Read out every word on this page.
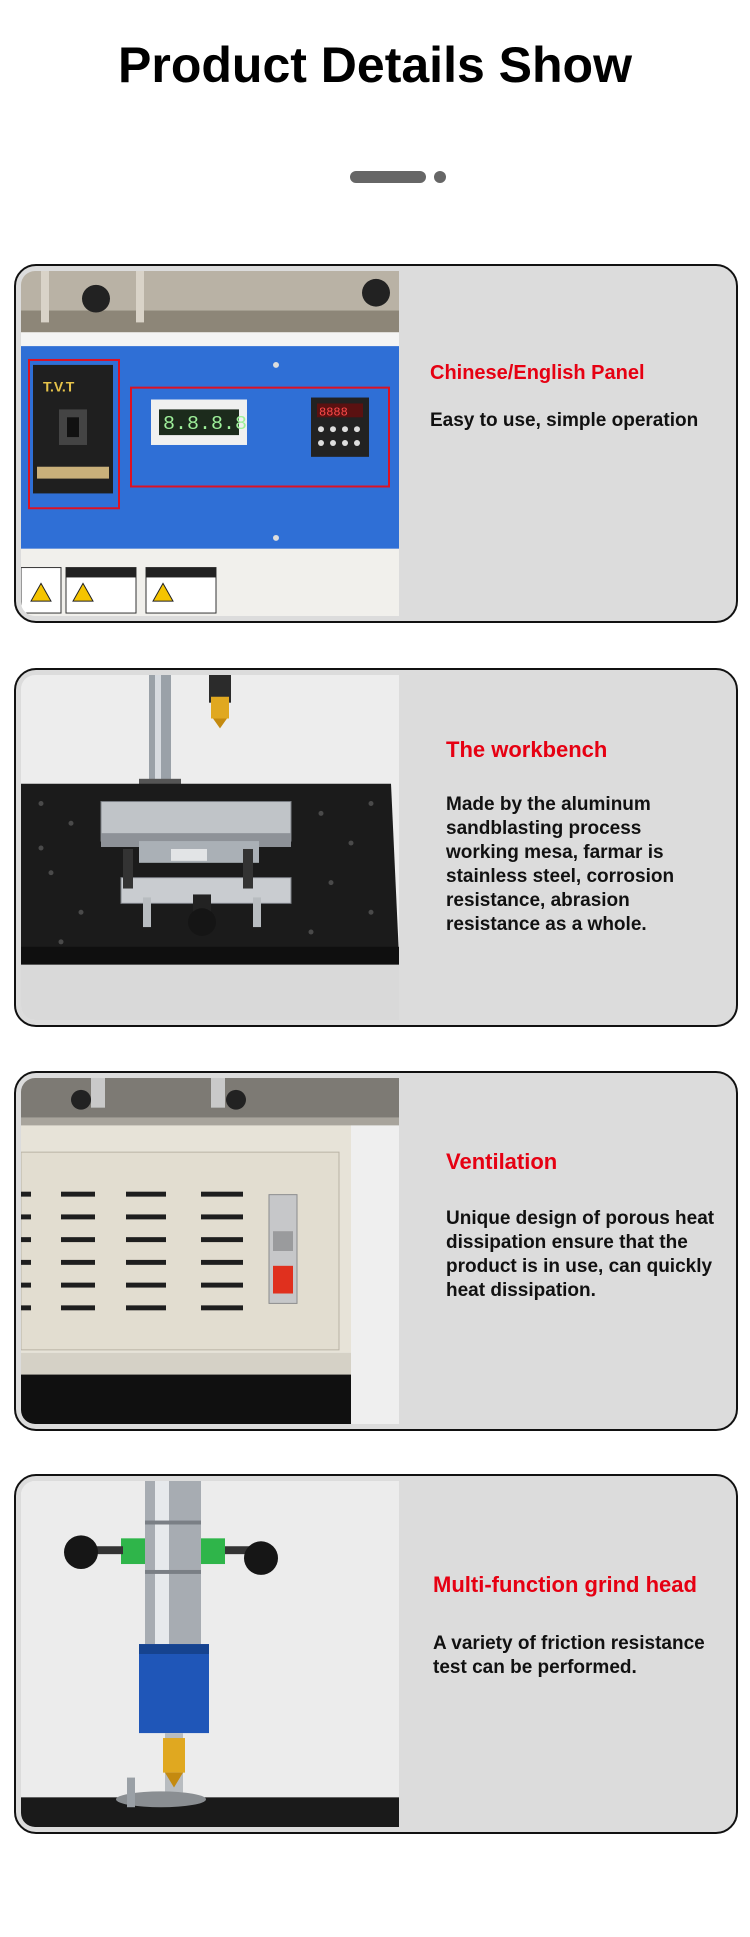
Product Details Show
T.V.T
8.8.8.8	8888
Chinese/English Panel

Easy to use, simple operation

The workbench

Made by the aluminum sandblasting process working mesa, farmar is stainless steel, corrosion resistance, abrasion resistance as a whole.

Ventilation

Unique design of porous heat dissipation ensure that the product is in use, can quickly heat dissipation.

Multi-function grind head

A variety of friction resistance test can be performed.
